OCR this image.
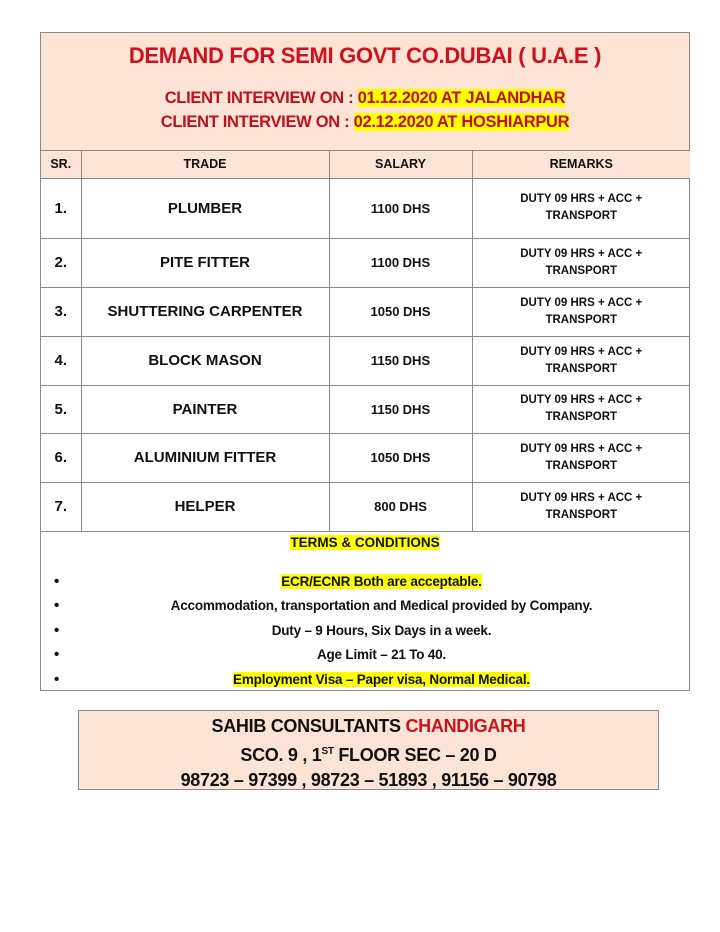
DEMAND FOR SEMI GOVT CO.DUBAI ( U.A.E )
CLIENT INTERVIEW ON : 01.12.2020 AT JALANDHAR
CLIENT INTERVIEW ON : 02.12.2020 AT HOSHIARPUR
SR.	TRADE	SALARY	REMARKS
1.	PLUMBER	1100 DHS	DUTY 09 HRS + ACC + TRANSPORT
2.	PITE FITTER	1100 DHS	DUTY 09 HRS + ACC + TRANSPORT
3.	SHUTTERING CARPENTER	1050 DHS	DUTY 09 HRS + ACC + TRANSPORT
4.	BLOCK MASON	1150 DHS	DUTY 09 HRS + ACC + TRANSPORT
5.	PAINTER	1150 DHS	DUTY 09 HRS + ACC + TRANSPORT
6.	ALUMINIUM FITTER	1050 DHS	DUTY 09 HRS + ACC + TRANSPORT
7.	HELPER	800 DHS	DUTY 09 HRS + ACC + TRANSPORT
TERMS & CONDITIONS
• ECR/ECNR Both are acceptable.
• Accommodation, transportation and Medical provided by Company.
• Duty – 9 Hours, Six Days in a week.
• Age Limit – 21 To 40.
• Employment Visa – Paper visa, Normal Medical.
SAHIB CONSULTANTS CHANDIGARH
SCO. 9 , 1ST FLOOR SEC – 20 D
98723 – 97399 , 98723 – 51893 , 91156 – 90798
